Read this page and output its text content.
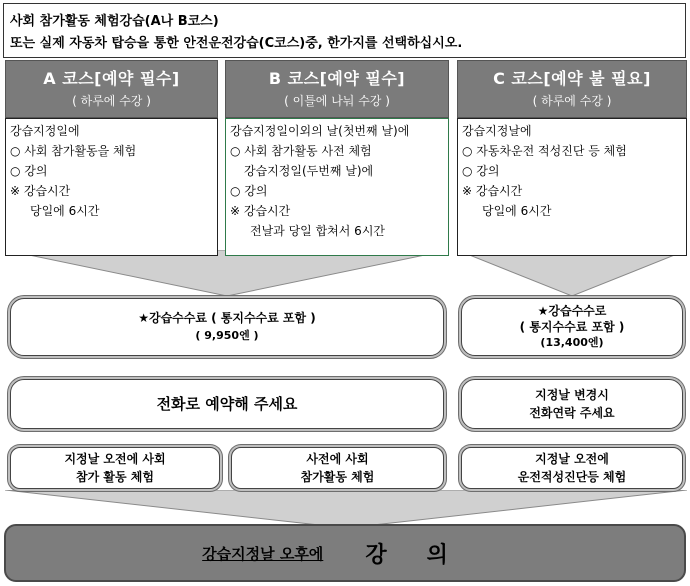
사회 참가활동 체험강습(A나 B코스)
또는 실제 자동차 탑승을 통한 안전운전강습(C코스)중, 한가지를 선택하십시오.
A 코스[예약 필수]
( 하루에 수강 )
강습지정일에
○ 사회 참가활동을 체험
○ 강의
※ 강습시간
당일에 6시간
B 코스[예약 필수]
( 이틀에 나눠 수강 )
강습지정일이외의 날(첫번째 날)에
○ 사회 참가활동 사전 체험
강습지정일(두번째 날)에
○ 강의
※ 강습시간
전날과 당일 합쳐서 6시간
C 코스[예약 불 필요]
( 하루에 수강 )
강습지정날에
○ 자동차운전 적성진단 등 체험
○ 강의
※ 강습시간
당일에 6시간
★강습수수료 ( 통지수수료 포함 )
( 9,950엔 )
★강습수수로
( 통지수수료 포함 )
(13,400엔)
전화로 예약해 주세요	지정날 변경시
전화연락 주세요
지정날 오전에 사회
참가 활동 체험
사전에 사회
참가활동 체험
지정날 오전에
운전적성진단등 체험
강습지정날 오후에 강의
